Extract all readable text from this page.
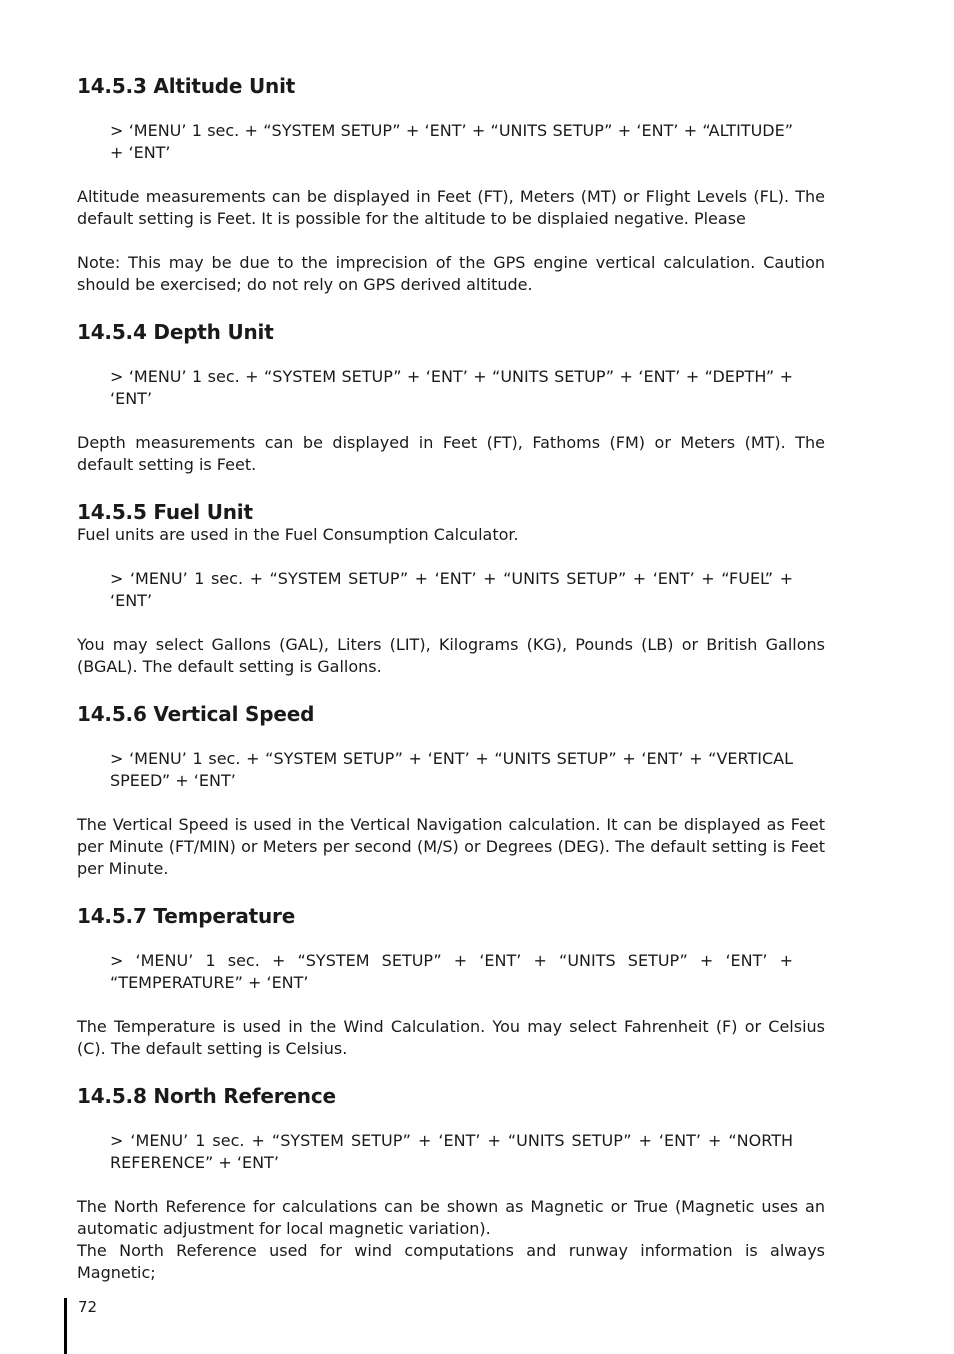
14.5.3 Altitude Unit
> ‘MENU’ 1 sec. + “SYSTEM SETUP” + ‘ENT’ + “UNITS SETUP” + ‘ENT’ + “ALTITUDE” + ‘ENT’

Altitude measurements can be displayed in Feet (FT), Meters (MT) or Flight Levels (FL). The default setting is Feet. It is possible for the altitude to be displaied negative. Please

Note: This may be due to the imprecision of the GPS engine vertical calculation. Caution should be exercised; do not rely on GPS derived altitude.

14.5.4 Depth Unit
> ‘MENU’ 1 sec. + “SYSTEM SETUP” + ‘ENT’ + “UNITS SETUP” + ‘ENT’ + “DEPTH” + ‘ENT’

Depth measurements can be displayed in Feet (FT), Fathoms (FM) or Meters (MT). The default setting is Feet.

14.5.5 Fuel Unit

Fuel units are used in the Fuel Consumption Calculator.

> ‘MENU’ 1 sec. + “SYSTEM SETUP” + ‘ENT’ + “UNITS SETUP” + ‘ENT’ + “FUEL” + ‘ENT’

You may select Gallons (GAL), Liters (LIT), Kilograms (KG), Pounds (LB) or British Gallons (BGAL). The default setting is Gallons.

14.5.6 Vertical Speed
> ‘MENU’ 1 sec. + “SYSTEM SETUP” + ‘ENT’ + “UNITS SETUP” + ‘ENT’ + “VERTICAL SPEED” + ‘ENT’

The Vertical Speed is used in the Vertical Navigation calculation. It can be displayed as Feet per Minute (FT/MIN) or Meters per second (M/S) or Degrees (DEG). The default setting is Feet per Minute.

14.5.7 Temperature
> ‘MENU’ 1 sec. + “SYSTEM SETUP” + ‘ENT’ + “UNITS SETUP” + ‘ENT’ + “TEMPERATURE” + ‘ENT’

The Temperature is used in the Wind Calculation. You may select Fahrenheit (F) or Celsius (C). The default setting is Celsius.

14.5.8 North Reference
> ‘MENU’ 1 sec. + “SYSTEM SETUP” + ‘ENT’ + “UNITS SETUP” + ‘ENT’ + “NORTH REFERENCE” + ‘ENT’

The North Reference for calculations can be shown as Magnetic or True (Magnetic uses an automatic adjustment for local magnetic variation).

The North Reference used for wind computations and runway information is always Magnetic;

72
